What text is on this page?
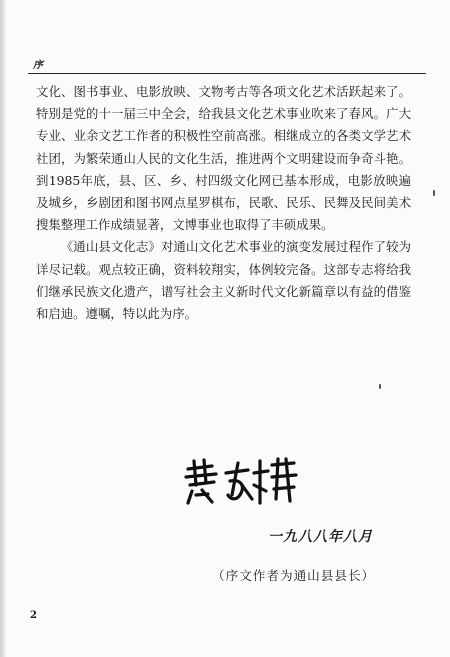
序

文化、图书事业、电影放映、文物考古等各项文化艺术活跃起来了。特别是党的十一届三中全会，给我县文化艺术事业吹来了春风。广大专业、业余文艺工作者的积极性空前高涨。相继成立的各类文学艺术社团，为繁荣通山人民的文化生活，推进两个文明建设而争奇斗艳。到1985年底，县、区、乡、村四级文化网已基本形成，电影放映遍及城乡，乡剧团和图书网点星罗棋布，民歌、民乐、民舞及民间美术搜集整理工作成绩显著，文博事业也取得了丰硕成果。

《通山县文化志》对通山文化艺术事业的演变发展过程作了较为详尽记载。观点较正确，资料较翔实，体例较完备。这部专志将给我们继承民族文化遗产，谱写社会主义新时代文化新篇章以有益的借鉴和启迪。遵嘱，特以此为序。

一九八八年八月
（序文作者为通山县县长）
2
